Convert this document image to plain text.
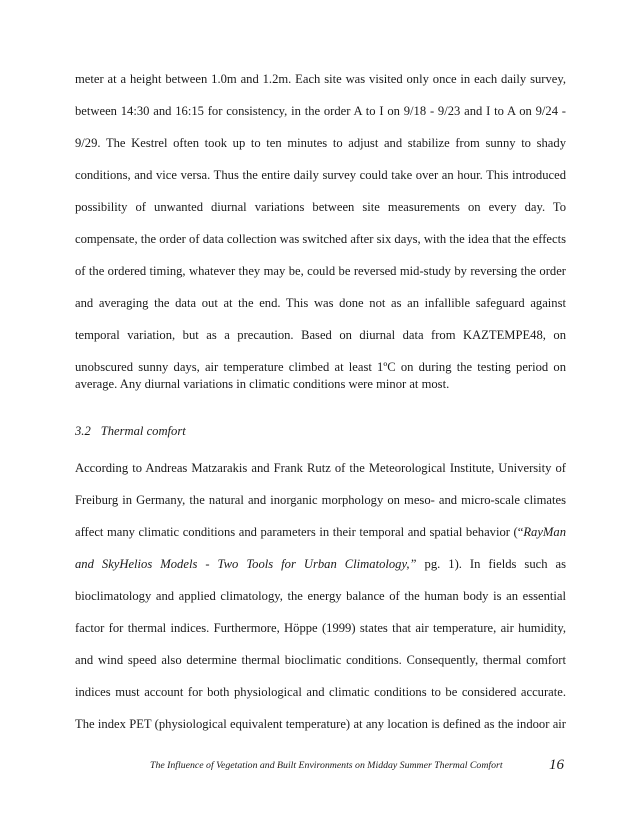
meter at a height between 1.0m and 1.2m. Each site was visited only once in each daily survey,
between 14:30 and 16:15 for consistency, in the order A to I on 9/18 - 9/23 and I to A on 9/24 -
9/29. The Kestrel often took up to ten minutes to adjust and stabilize from sunny to shady
conditions, and vice versa. Thus the entire daily survey could take over an hour. This introduced
possibility of unwanted diurnal variations between site measurements on every day. To
compensate, the order of data collection was switched after six days, with the idea that the effects
of the ordered timing, whatever they may be, could be reversed mid-study by reversing the order
and averaging the data out at the end. This was done not as an infallible safeguard against
temporal variation, but as a precaution. Based on diurnal data from KAZTEMPE48, on
unobscured sunny days, air temperature climbed at least 1ºC on during the testing period on
average. Any diurnal variations in climatic conditions were minor at most.
3.2 Thermal comfort
According to Andreas Matzarakis and Frank Rutz of the Meteorological Institute, University of
Freiburg in Germany, the natural and inorganic morphology on meso- and micro-scale climates
affect many climatic conditions and parameters in their temporal and spatial behavior (“RayMan
and SkyHelios Models - Two Tools for Urban Climatology,” pg. 1). In fields such as
bioclimatology and applied climatology, the energy balance of the human body is an essential
factor for thermal indices. Furthermore, Höppe (1999) states that air temperature, air humidity,
and wind speed also determine thermal bioclimatic conditions. Consequently, thermal comfort
indices must account for both physiological and climatic conditions to be considered accurate.
The index PET (physiological equivalent temperature) at any location is defined as the indoor air
The Influence of Vegetation and Built Environments on Midday Summer Thermal Comfort	16
